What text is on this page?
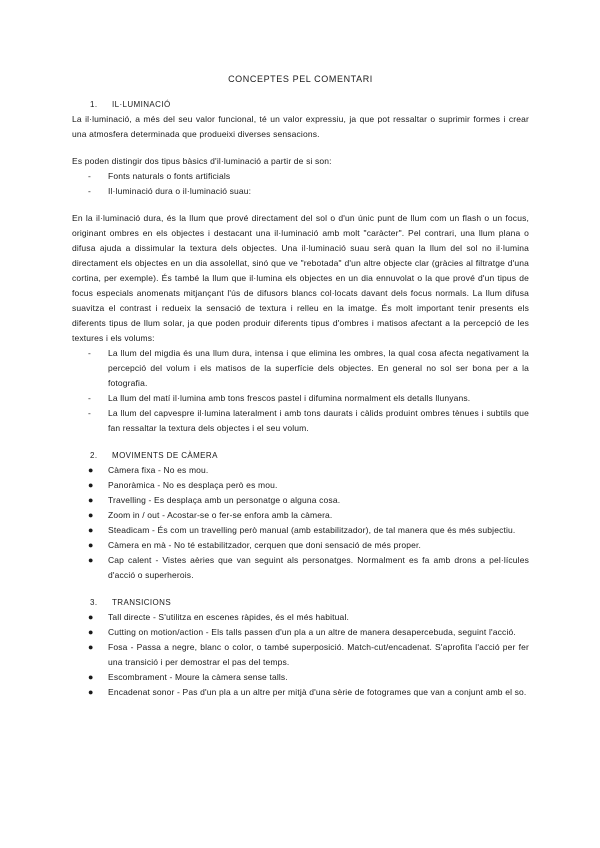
CONCEPTES PEL COMENTARI
1. IL·LUMINACIÓ

La il·luminació, a més del seu valor funcional, té un valor expressiu, ja que pot ressaltar o suprimir formes i crear una atmosfera determinada que produeixi diverses sensacions.

Es poden distingir dos tipus bàsics d'il·luminació a partir de si son:

- Fonts naturals o fonts artificials
- Il·luminació dura o il·luminació suau:

En la il·luminació dura, és la llum que prové directament del sol o d'un únic punt de llum com un flash o un focus, originant ombres en els objectes i destacant una il·luminació amb molt "caràcter". Pel contrari, una llum plana o difusa ajuda a dissimular la textura dels objectes. Una il·luminació suau serà quan la llum del sol no il·lumina directament els objectes en un dia assolellat, sinó que ve "rebotada" d'un altre objecte clar (gràcies al filtratge d'una cortina, per exemple). És també la llum que il·lumina els objectes en un dia ennuvolat o la que prové d'un tipus de focus especials anomenats mitjançant l'ús de difusors blancs col·locats davant dels focus normals. La llum difusa suavitza el contrast i redueix la sensació de textura i relleu en la imatge. És molt important tenir presents els diferents tipus de llum solar, ja que poden produir diferents tipus d'ombres i matisos afectant a la percepció de les textures i els volums:

- La llum del migdia és una llum dura, intensa i que elimina les ombres, la qual cosa afecta negativament la percepció del volum i els matisos de la superfície dels objectes. En general no sol ser bona per a la fotografia.
- La llum del matí il·lumina amb tons frescos pastel i difumina normalment els detalls llunyans.
- La llum del capvespre il·lumina lateralment i amb tons daurats i càlids produint ombres tènues i subtils que fan ressaltar la textura dels objectes i el seu volum.
2. MOVIMENTS DE CÀMERA
● Càmera fixa - No es mou.
● Panoràmica - No es desplaça però es mou.
● Travelling - Es desplaça amb un personatge o alguna cosa.
● Zoom in / out - Acostar-se o fer-se enfora amb la càmera.
● Steadicam - És com un travelling però manual (amb estabilitzador), de tal manera que és més subjectiu.
● Càmera en mà - No té estabilitzador, cerquen que doni sensació de més proper.
● Cap calent - Vistes aèries que van seguint als personatges. Normalment es fa amb drons a pel·lícules d'acció o superherois.
3. TRANSICIONS
● Tall directe - S'utilitza en escenes ràpides, és el més habitual.
● Cutting on motion/action - Els talls passen d'un pla a un altre de manera desapercebuda, seguint l'acció.
● Fosa - Passa a negre, blanc o color, o també superposició. Match-cut/encadenat. S'aprofita l'acció per fer una transició i per demostrar el pas del temps.
● Escombrament - Moure la càmera sense talls.
● Encadenat sonor - Pas d'un pla a un altre per mitjà d'una sèrie de fotogrames que van a conjunt amb el so.
